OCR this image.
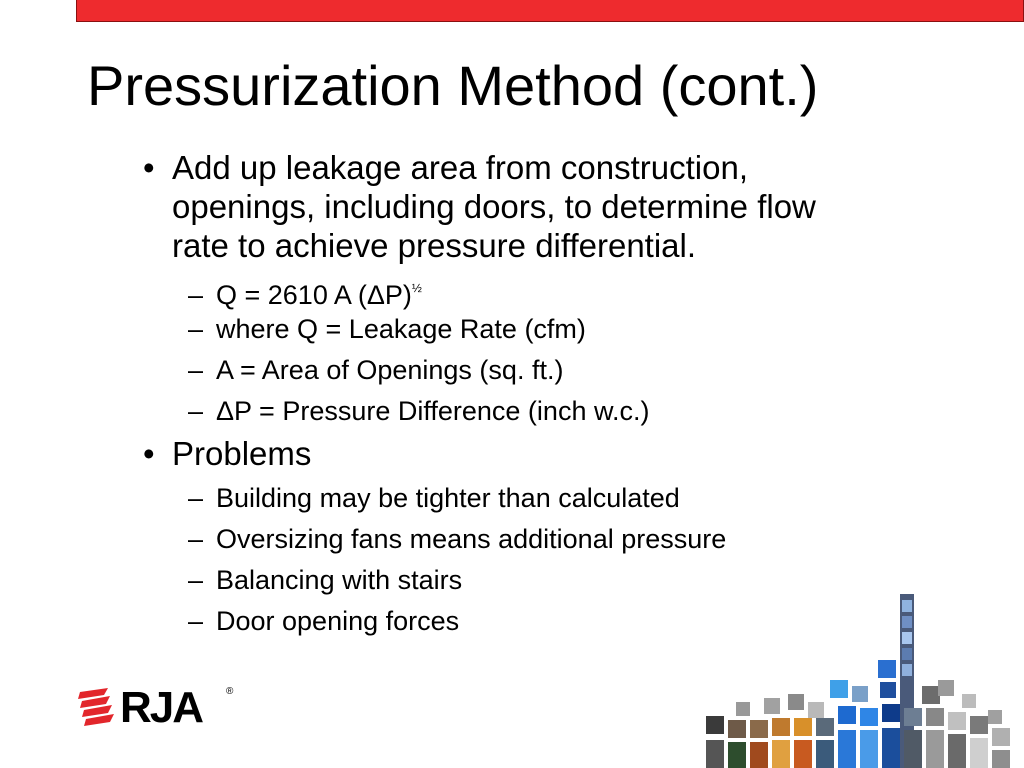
Pressurization Method (cont.)
• Add up leakage area from construction,
openings, including doors, to determine flow
rate to achieve pressure differential.
– Q = 2610 A $(\Delta P)^{\frac{1}{2}}$
– where Q = Leakage Rate (cfm)
– A = Area of Openings (sq. ft.)
– ΔP = Pressure Difference (inch w.c.)
• Problems
– Building may be tighter than calculated
– Oversizing fans means additional pressure
– Balancing with stairs
– Door opening forces
RJA ®
